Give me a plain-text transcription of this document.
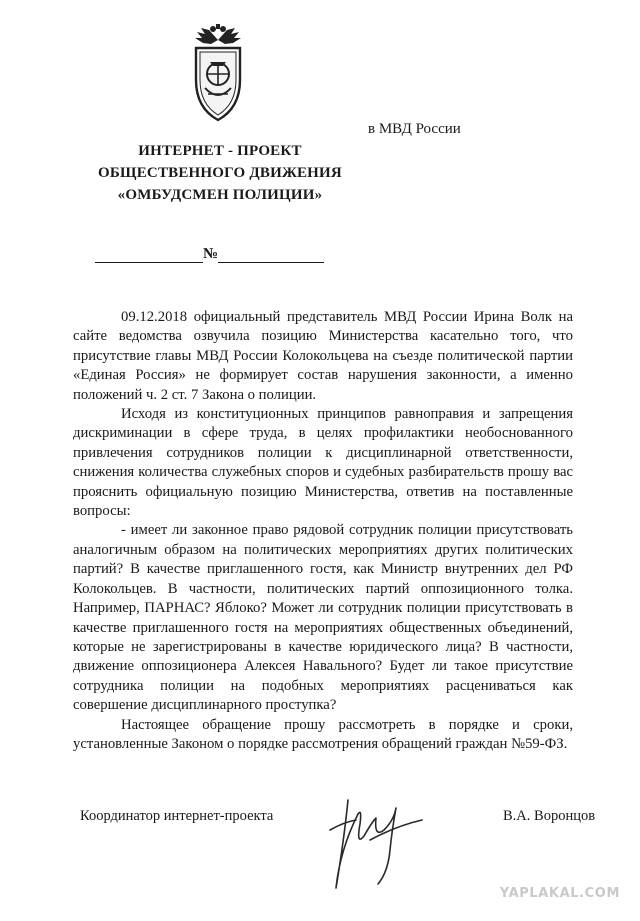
ИНТЕРНЕТ - ПРОЕКТ
ОБЩЕСТВЕННОГО ДВИЖЕНИЯ
«ОМБУДСМЕН ПОЛИЦИИ»
в МВД России
№

09.12.2018 официальный представитель МВД России Ирина Волк на сайте ведомства озвучила позицию Министерства касательно того, что присутствие главы МВД России Колокольцева на съезде политической партии «Единая Россия» не формирует состав нарушения законности, а именно положений ч. 2 ст. 7 Закона о полиции.

Исходя из конституционных принципов равноправия и запрещения дискриминации в сфере труда, в целях профилактики необоснованного привлечения сотрудников полиции к дисциплинарной ответственности, снижения количества служебных споров и судебных разбирательств прошу вас прояснить официальную позицию Министерства, ответив на поставленные вопросы:

- имеет ли законное право рядовой сотрудник полиции присутствовать аналогичным образом на политических мероприятиях других политических партий? В качестве приглашенного гостя, как Министр внутренних дел РФ Колокольцев. В частности, политических партий оппозиционного толка. Например, ПАРНАС? Яблоко? Может ли сотрудник полиции присутствовать в качестве приглашенного гостя на мероприятиях общественных объединений, которые не зарегистрированы в качестве юридического лица? В частности, движение оппозиционера Алексея Навального? Будет ли такое присутствие сотрудника полиции на подобных мероприятиях расцениваться как совершение дисциплинарного проступка?

Настоящее обращение прошу рассмотреть в порядке и сроки, установленные Законом о порядке рассмотрения обращений граждан №59-ФЗ.

Координатор интернет-проекта	В.А. Воронцов
YAPLAKAL.COM
